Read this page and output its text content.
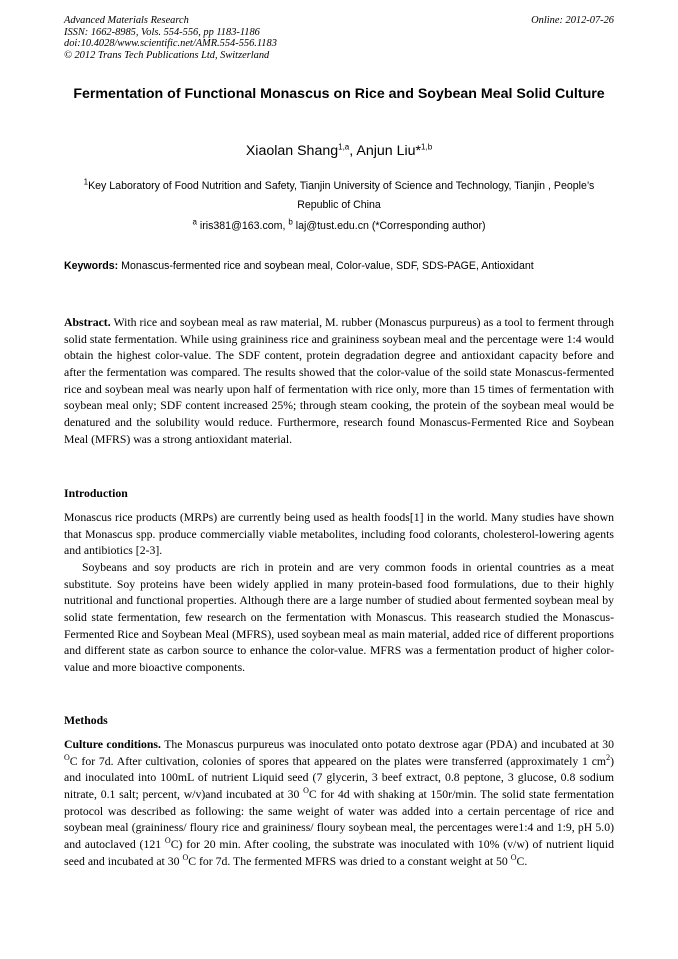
Advanced Materials Research
ISSN: 1662-8985, Vols. 554-556, pp 1183-1186
doi:10.4028/www.scientific.net/AMR.554-556.1183
© 2012 Trans Tech Publications Ltd, Switzerland
Online: 2012-07-26
Fermentation of Functional Monascus on Rice and Soybean Meal Solid Culture
Xiaolan Shang$^{1,a}$, Anjun Liu*$^{1,b}$
$^1$Key Laboratory of Food Nutrition and Safety, Tianjin University of Science and Technology, Tianjin , People’s Republic of China
$^a$ iris381@163.com, $^b$ laj@tust.edu.cn (*Corresponding author)
Keywords: Monascus-fermented rice and soybean meal, Color-value, SDF, SDS-PAGE, Antioxidant
Abstract. With rice and soybean meal as raw material, M. rubber (Monascus purpureus) as a tool to ferment through solid state fermentation. While using graininess rice and graininess soybean meal and the percentage were 1:4 would obtain the highest color-value. The SDF content, protein degradation degree and antioxidant capacity before and after the fermentation was compared. The results showed that the color-value of the soild state Monascus-fermented rice and soybean meal was nearly upon half of fermentation with rice only, more than 15 times of fermentation with soybean meal only; SDF content increased 25%; through steam cooking, the protein of the soybean meal would be denatured and the solubility would reduce. Furthermore, research found Monascus-Fermented Rice and Soybean Meal (MFRS) was a strong antioxidant material.
Introduction

Monascus rice products (MRPs) are currently being used as health foods[1] in the world. Many studies have shown that Monascus spp. produce commercially viable metabolites, including food colorants, cholesterol-lowering agents and antibiotics [2-3].

Soybeans and soy products are rich in protein and are very common foods in oriental countries as a meat substitute. Soy proteins have been widely applied in many protein-based food formulations, due to their highly nutritional and functional properties. Although there are a large number of studied about fermented soybean meal by solid state fermentation, few research on the fermentation with Monascus. This reasearch studied the Monascus-Fermented Rice and Soybean Meal (MFRS), used soybean meal as main material, added rice of different proportions and different state as carbon source to enhance the color-value. MFRS was a fermentation product of higher color-value and more bioactive components.

Methods

Culture conditions. The Monascus purpureus was inoculated onto potato dextrose agar (PDA) and incubated at 30 $^O$C for 7d. After cultivation, colonies of spores that appeared on the plates were transferred (approximately 1 $cm^2$) and inoculated into 100mL of nutrient Liquid seed (7 glycerin, 3 beef extract, 0.8 peptone, 3 glucose, 0.8 sodium nitrate, 0.1 salt; percent, w/v)and incubated at 30 $^O$C for 4d with shaking at 150r/min. The solid state fermentation protocol was described as following: the same weight of water was added into a certain percentage of rice and soybean meal (graininess/ floury rice and graininess/ floury soybean meal, the percentages were1:4 and 1:9, pH 5.0) and autoclaved (121 $^O$C) for 20 min. After cooling, the substrate was inoculated with 10% (v/w) of nutrient liquid seed and incubated at 30 $^O$C for 7d. The fermented MFRS was dried to a constant weight at 50 $^O$C.
